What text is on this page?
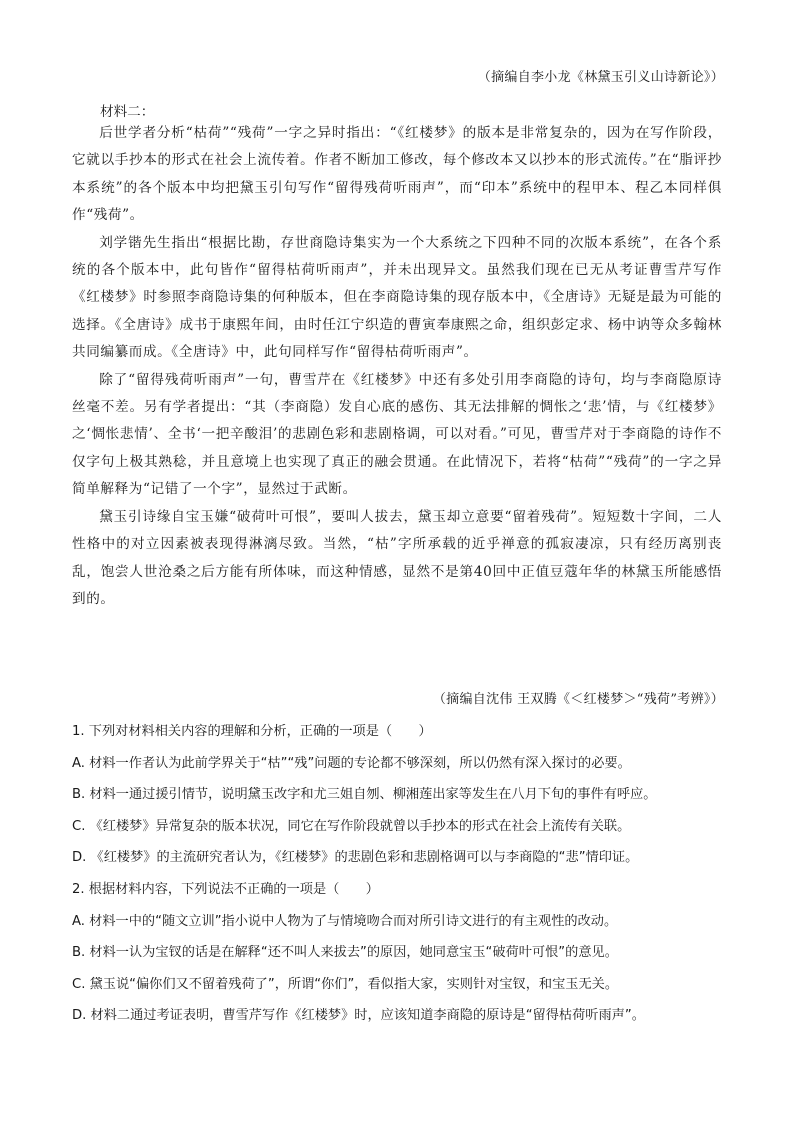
（摘编自李小龙《林黛玉引义山诗新论》）
材料二：

后世学者分析“枯荷”“残荷”一字之异时指出：“《红楼梦》的版本是非常复杂的，因为在写作阶段，它就以手抄本的形式在社会上流传着。作者不断加工修改，每个修改本又以抄本的形式流传。”在“脂评抄本系统”的各个版本中均把黛玉引句写作“留得残荷听雨声”，而“印本”系统中的程甲本、程乙本同样俱作“残荷”。

刘学锴先生指出“根据比勘，存世商隐诗集实为一个大系统之下四种不同的次版本系统”，在各个系统的各个版本中，此句皆作“留得枯荷听雨声”，并未出现异文。虽然我们现在已无从考证曹雪芹写作《红楼梦》时参照李商隐诗集的何种版本，但在李商隐诗集的现存版本中，《全唐诗》无疑是最为可能的选择。《全唐诗》成书于康熙年间，由时任江宁织造的曹寅奉康熙之命，组织彭定求、杨中讷等众多翰林共同编纂而成。《全唐诗》中，此句同样写作“留得枯荷听雨声”。

除了“留得残荷听雨声”一句，曹雪芹在《红楼梦》中还有多处引用李商隐的诗句，均与李商隐原诗丝毫不差。另有学者提出：“其（李商隐）发自心底的感伤、其无法排解的惆怅之‘悲’情，与《红楼梦》之‘惆怅悲情’、全书‘一把辛酸泪’的悲剧色彩和悲剧格调，可以对看。”可见，曹雪芹对于李商隐的诗作不仅字句上极其熟稔，并且意境上也实现了真正的融会贯通。在此情况下，若将“枯荷”“残荷”的一字之异简单解释为“记错了一个字”，显然过于武断。

黛玉引诗缘自宝玉嫌“破荷叶可恨”，要叫人拔去，黛玉却立意要“留着残荷”。短短数十字间，二人性格中的对立因素被表现得淋漓尽致。当然，“枯”字所承载的近乎禅意的孤寂凄凉，只有经历离别丧乱，饱尝人世沧桑之后方能有所体味，而这种情感，显然不是第40回中正值豆蔻年华的林黛玉所能感悟到的。

（摘编自沈伟 王双腾《＜红楼梦＞“残荷”考辨》）
1. 下列对材料相关内容的理解和分析，正确的一项是（　　）
A. 材料一作者认为此前学界关于“枯”“残”问题的专论都不够深刻，所以仍然有深入探讨的必要。
B. 材料一通过援引情节，说明黛玉改字和尤三姐自刎、柳湘莲出家等发生在八月下旬的事件有呼应。
C. 《红楼梦》异常复杂的版本状况，同它在写作阶段就曾以手抄本的形式在社会上流传有关联。
D. 《红楼梦》的主流研究者认为，《红楼梦》的悲剧色彩和悲剧格调可以与李商隐的“悲”情印证。
2. 根据材料内容，下列说法不正确的一项是（　　）
A. 材料一中的“随文立训”指小说中人物为了与情境吻合而对所引诗文进行的有主观性的改动。
B. 材料一认为宝钗的话是在解释“还不叫人来拔去”的原因，她同意宝玉“破荷叶可恨”的意见。
C. 黛玉说“偏你们又不留着残荷了”，所谓“你们”，看似指大家，实则针对宝钗，和宝玉无关。
D. 材料二通过考证表明，曹雪芹写作《红楼梦》时，应该知道李商隐的原诗是“留得枯荷听雨声”。
